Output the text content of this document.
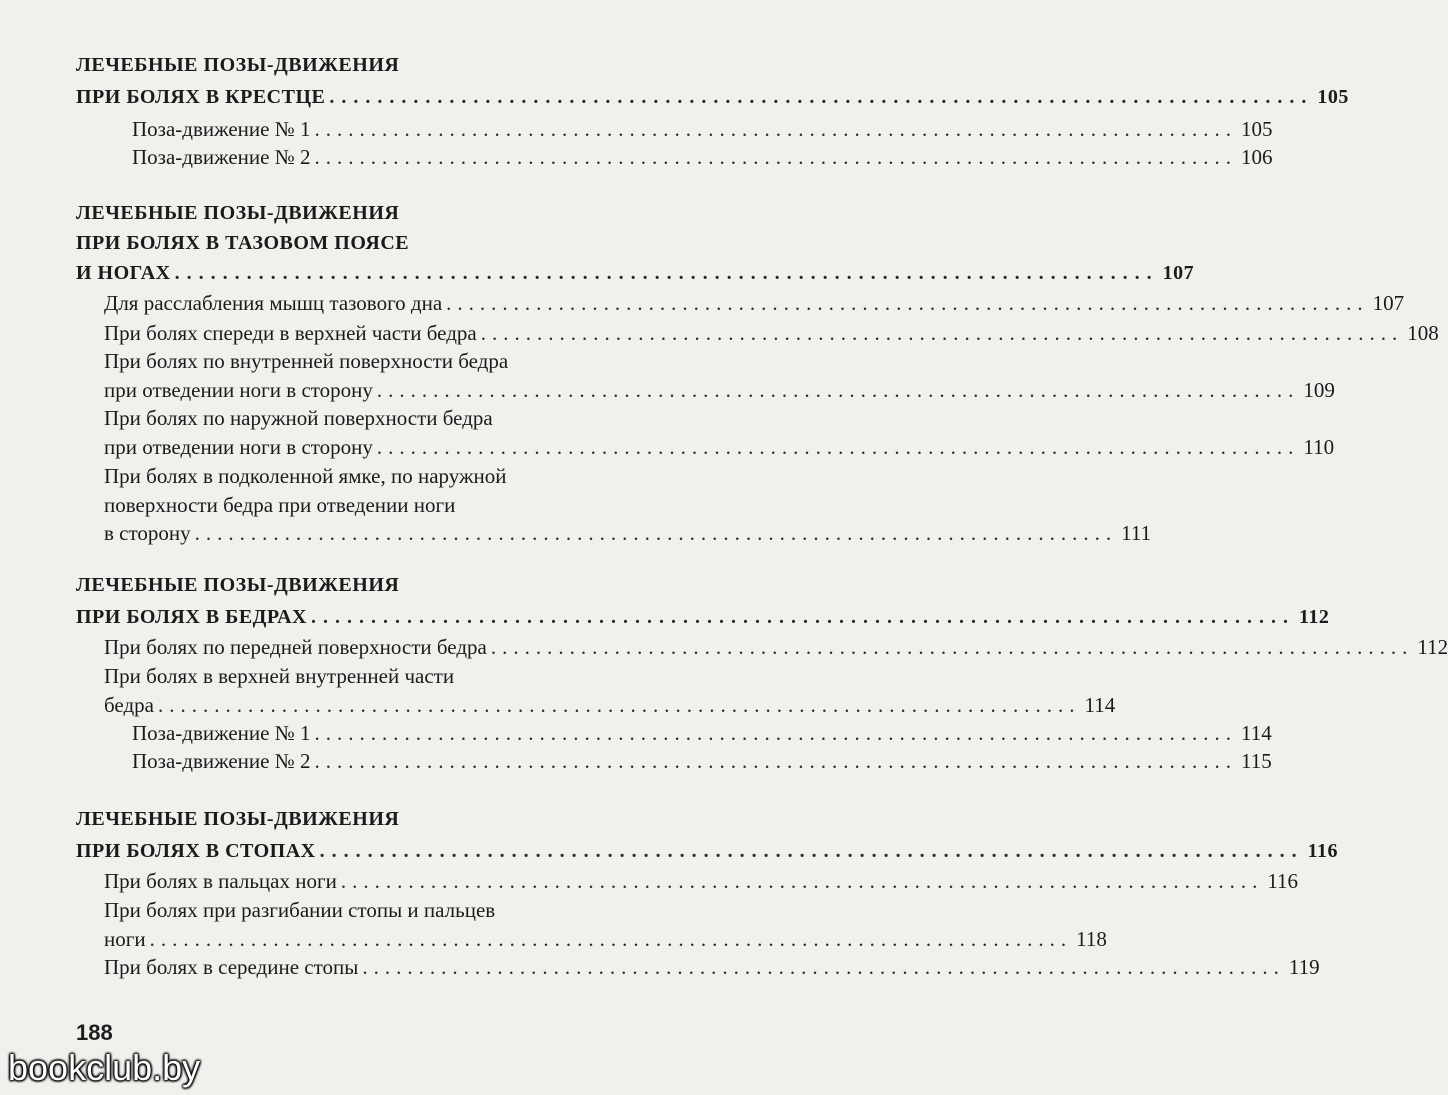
ЛЕЧЕБНЫЕ ПОЗЫ-ДВИЖЕНИЯ
ПРИ БОЛЯХ В КРЕСТЦЕ .................................................................................. 105
Поза-движение № 1 .................................................................................. 105
Поза-движение № 2 .................................................................................. 106
ЛЕЧЕБНЫЕ ПОЗЫ-ДВИЖЕНИЯ
ПРИ БОЛЯХ В ТАЗОВОМ ПОЯСЕ
И НОГАХ .................................................................................. 107
Для расслабления мышц тазового дна .................................................................................. 107
При болях спереди в верхней части бедра .................................................................................. 108
При болях по внутренней поверхности бедра
при отведении ноги в сторону .................................................................................. 109
При болях по наружной поверхности бедра
при отведении ноги в сторону .................................................................................. 110
При болях в подколенной ямке, по наружной
поверхности бедра при отведении ноги
в сторону .................................................................................. 111
ЛЕЧЕБНЫЕ ПОЗЫ-ДВИЖЕНИЯ
ПРИ БОЛЯХ В БЕДРАХ .................................................................................. 112
При болях по передней поверхности бедра .................................................................................. 112
При болях в верхней внутренней части
бедра .................................................................................. 114
Поза-движение № 1 .................................................................................. 114
Поза-движение № 2 .................................................................................. 115
ЛЕЧЕБНЫЕ ПОЗЫ-ДВИЖЕНИЯ
ПРИ БОЛЯХ В СТОПАХ .................................................................................. 116
При болях в пальцах ноги .................................................................................. 116
При болях при разгибании стопы и пальцев
ноги .................................................................................. 118
При болях в середине стопы .................................................................................. 119
188
bookclub.by
